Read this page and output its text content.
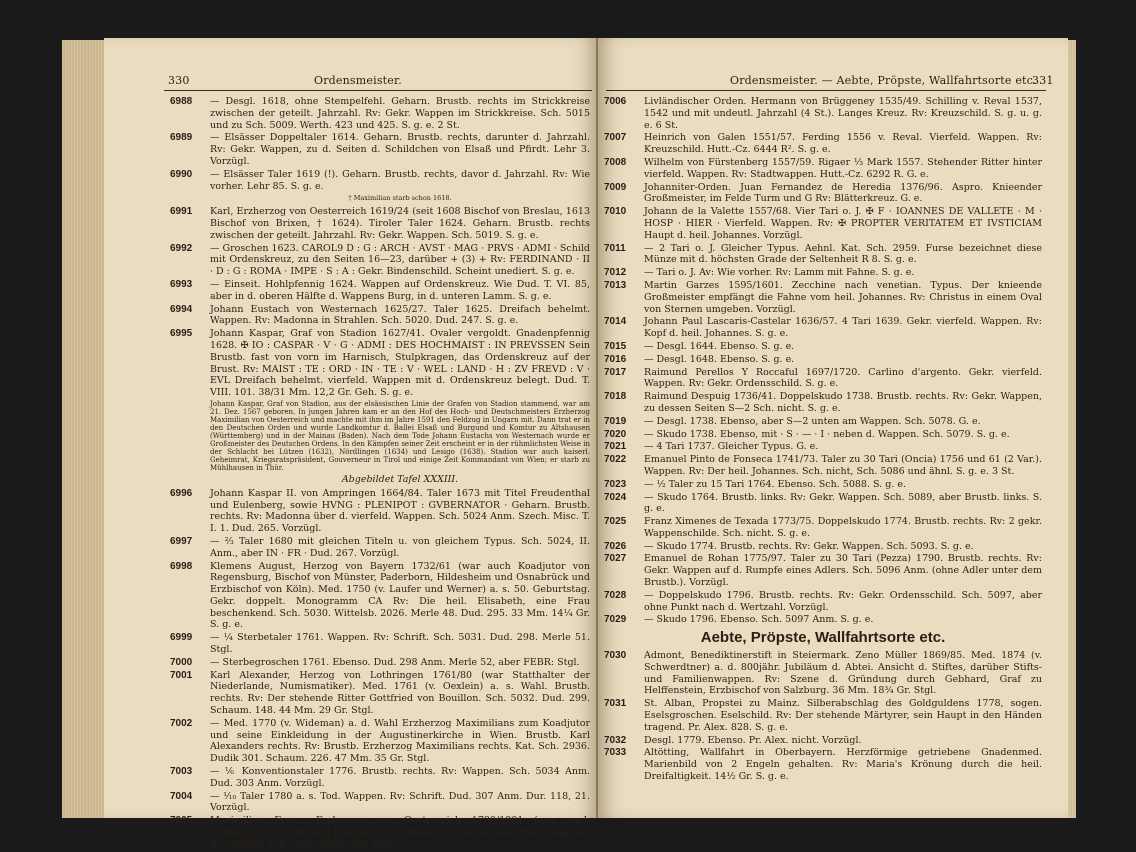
330	Ordensmeister.
6988 — Desgl. 1618, ohne Stempelfehl. Geharn. Brustb. rechts im Strickkreise zwischen der geteilt. Jahrzahl. Rv: Gekr. Wappen im Strickkreise. Sch. 5015 und zu Sch. 5009. Werth. 423 und 425. S. g. e. 2 St.
6989 — Elsässer Doppeltaler 1614. Geharn. Brustb. rechts, darunter d. Jahrzahl. Rv: Gekr. Wappen, zu d. Seiten d. Schildchen von Elsaß und Pfirdt. Lehr 3. Vorzügl.
6990 — Elsässer Taler 1619 (!). Geharn. Brustb. rechts, davor d. Jahrzahl. Rv: Wie vorher. Lehr 85. S. g. e.
† Maximilian starb schon 1618.
6991 Karl, Erzherzog von Oesterreich 1619/24 (seit 1608 Bischof von Breslau, 1613 Bischof von Brixen, † 1624). Tiroler Taler 1624. Geharn. Brustb. rechts zwischen der geteilt. Jahrzahl. Rv: Gekr. Wappen. Sch. 5019. S. g. e.
6992 — Groschen 1623. CAROL9 D : G : ARCH · AVST · MAG · PRVS · ADMI · Schild mit Ordenskreuz, zu den Seiten 16—23, darüber + (3) + Rv: FERDINAND · II · D : G : ROMA · IMPE · S : A : Gekr. Bindenschild. Scheint unediert. S. g. e.
6993 — Einseit. Hohlpfennig 1624. Wappen auf Ordenskreuz. Wie Dud. T. VI. 85, aber in d. oberen Hälfte d. Wappens Burg, in d. unteren Lamm. S. g. e.
6994 Johann Eustach von Westernach 1625/27. Taler 1625. Dreifach behelmt. Wappen. Rv: Madonna in Strahlen. Sch. 5020. Dud. 247. S. g. e.
6995 Johann Kaspar, Graf von Stadion 1627/41. Ovaler vergoldt. Gnadenpfennig 1628. ✠ IO : CASPAR · V · G · ADMI : DES HOCHMAIST : IN PREVSSEN Sein Brustb. fast von vorn im Harnisch, Stulpkragen, das Ordenskreuz auf der Brust. Rv: MAIST : TE : ORD · IN · TE : V · WEL : LAND · H : ZV FREVD : V · EVL Dreifach behelmt. vierfeld. Wappen mit d. Ordenskreuz belegt. Dud. T. VIII. 101. 38/31 Mm. 12,2 Gr. Geh. S. g. e.
Johann Kaspar, Graf von Stadion, aus der elsässischen Linie der Grafen von Stadion stammend, war am 21. Dez. 1567 geboren. In jungen Jahren kam er an den Hof des Hoch- und Deutschmeisters Erzherzog Maximilian von Oesterreich und machte mit ihm im Jahre 1591 den Feldzug in Ungarn mit. Dann trat er in den Deutschen Orden und wurde Landkomtur d. Ballei Elsaß und Burgund und Komtur zu Altshausen (Württemberg) und in der Mainau (Baden). Nach dem Tode Johann Eustachs von Westernach wurde er Großmeister des Deutschen Ordens. In den Kämpfen seiner Zeit erscheint er in der rühmlichsten Weise in der Schlacht bei Lützen (1632), Nördlingen (1634) und Lesigo (1638). Stadion war auch kaiserl. Geheimrat, Kriegsratspräsident, Gouverneur in Tirol und einige Zeit Kommandant von Wien; er starb zu Mühlhausen in Thür.
Abgebildet Tafel XXXIII.
6996 Johann Kaspar II. von Ampringen 1664/84. Taler 1673 mit Titel Freudenthal und Eulenberg, sowie HVNG : PLENIPOT : GVBERNATOR · Geharn. Brustb. rechts. Rv: Madonna über d. vierfeld. Wappen. Sch. 5024 Anm. Szech. Misc. T. I. 1. Dud. 265. Vorzügl.
6997 — ⅔ Taler 1680 mit gleichen Titeln u. von gleichem Typus. Sch. 5024, II. Anm., aber IN · FR · Dud. 267. Vorzügl.
6998 Klemens August, Herzog von Bayern 1732/61 (war auch Koadjutor von Regensburg, Bischof von Münster, Paderborn, Hildesheim und Osnabrück und Erzbischof von Köln). Med. 1750 (v. Laufer und Werner) a. s. 50. Geburtstag. Gekr. doppelt. Monogramm CA Rv: Die heil. Elisabeth, eine Frau beschenkend. Sch. 5030. Wittelsb. 2026. Merle 48. Dud. 295. 33 Mm. 14¼ Gr. S. g. e.
6999 — ¼ Sterbetaler 1761. Wappen. Rv: Schrift. Sch. 5031. Dud. 298. Merle 51. Stgl.
7000 — Sterbegroschen 1761. Ebenso. Dud. 298 Anm. Merle 52, aber FEBR: Stgl.
7001 Karl Alexander, Herzog von Lothringen 1761/80 (war Statthalter der Niederlande, Numismatiker). Med. 1761 (v. Oexlein) a. s. Wahl. Brustb. rechts. Rv: Der stehende Ritter Gottfried von Bouillon. Sch. 5032. Dud. 299. Schaum. 148. 44 Mm. 29 Gr. Stgl.
7002 — Med. 1770 (v. Wideman) a. d. Wahl Erzherzog Maximilians zum Koadjutor und seine Einkleidung in der Augustinerkirche in Wien. Brustb. Karl Alexanders rechts. Rv: Brustb. Erzherzog Maximilians rechts. Kat. Sch. 2936. Dudik 301. Schaum. 226. 47 Mm. 35 Gr. Stgl.
7003 — ⅙ Konventionstaler 1776. Brustb. rechts. Rv: Wappen. Sch. 5034 Anm. Dud. 303 Anm. Vorzügl.
7004 — ¹⁄₁₀ Taler 1780 a. s. Tod. Wappen. Rv: Schrift. Dud. 307 Anm. Dur. 118, 21. Vorzügl.
7005 Maximilian Franz, Erzherzog von Oesterreich 1780/1801 (war auch Erzbischof von Cöln und Bischof von Münster). ⅙ Sterbetaler 1801. Wappen. Rv: Schrift. Sch. 5036. Dud. 315. Stgl.
Ordensmeister. — Aebte, Pröpste, Wallfahrtsorte etc.
331
7006 Livländischer Orden. Hermann von Brüggeney 1535/49. Schilling v. Reval 1537, 1542 und mit undeutl. Jahrzahl (4 St.). Langes Kreuz. Rv: Kreuzschild. S. g. u. g. e. 6 St.
7007 Heinrich von Galen 1551/57. Ferding 1556 v. Reval. Vierfeld. Wappen. Rv: Kreuzschild. Hutt.-Cz. 6444 R². S. g. e.
7008 Wilhelm von Fürstenberg 1557/59. Rigaer ⅓ Mark 1557. Stehender Ritter hinter vierfeld. Wappen. Rv: Stadtwappen. Hutt.-Cz. 6292 R. G. e.
7009 Johanniter-Orden. Juan Fernandez de Heredia 1376/96. Aspro. Knieender Großmeister, im Felde Turm und G Rv: Blätterkreuz. G. e.
7010 Johann de la Valette 1557/68. Vier Tari o. J. ✠ F · IOANNES DE VALLETE · M · HOSP · HIER · Vierfeld. Wappen. Rv: ✠ PROPTER VERITATEM ET IVSTICIAM Haupt d. heil. Johannes. Vorzügl.
7011 — 2 Tari o. J. Gleicher Typus. Aehnl. Kat. Sch. 2959. Furse bezeichnet diese Münze mit d. höchsten Grade der Seltenheit R 8. S. g. e.
7012 — Tari o. J. Av: Wie vorher. Rv: Lamm mit Fahne. S. g. e.
7013 Martin Garzes 1595/1601. Zecchine nach venetian. Typus. Der knieende Großmeister empfängt die Fahne vom heil. Johannes. Rv: Christus in einem Oval von Sternen umgeben. Vorzügl.
7014 Johann Paul Lascaris-Castelar 1636/57. 4 Tari 1639. Gekr. vierfeld. Wappen. Rv: Kopf d. heil. Johannes. S. g. e.
7015 — Desgl. 1644. Ebenso. S. g. e.
7016 — Desgl. 1648. Ebenso. S. g. e.
7017 Raimund Perellos Y Roccaful 1697/1720. Carlino d'argento. Gekr. vierfeld. Wappen. Rv: Gekr. Ordensschild. S. g. e.
7018 Raimund Despuig 1736/41. Doppelskudo 1738. Brustb. rechts. Rv: Gekr. Wappen, zu dessen Seiten S—2 Sch. nicht. S. g. e.
7019 — Desgl. 1738. Ebenso, aber S—2 unten am Wappen. Sch. 5078. G. e.
7020 — Skudo 1738. Ebenso, mit · S · — · I · neben d. Wappen. Sch. 5079. S. g. e.
7021 — 4 Tari 1737. Gleicher Typus. G. e.
7022 Emanuel Pinto de Fonseca 1741/73. Taler zu 30 Tari (Oncia) 1756 und 61 (2 Var.). Wappen. Rv: Der heil. Johannes. Sch. nicht, Sch. 5086 und ähnl. S. g. e. 3 St.
7023 — ½ Taler zu 15 Tari 1764. Ebenso. Sch. 5088. S. g. e.
7024 — Skudo 1764. Brustb. links. Rv: Gekr. Wappen. Sch. 5089, aber Brustb. links. S. g. e.
7025 Franz Ximenes de Texada 1773/75. Doppelskudo 1774. Brustb. rechts. Rv: 2 gekr. Wappenschilde. Sch. nicht. S. g. e.
7026 — Skudo 1774. Brustb. rechts. Rv: Gekr. Wappen. Sch. 5093. S. g. e.
7027 Emanuel de Rohan 1775/97. Taler zu 30 Tari (Pezza) 1790. Brustb. rechts. Rv: Gekr. Wappen auf d. Rumpfe eines Adlers. Sch. 5096 Anm. (ohne Adler unter dem Brustb.). Vorzügl.
7028 — Doppelskudo 1796. Brustb. rechts. Rv: Gekr. Ordensschild. Sch. 5097, aber ohne Punkt nach d. Wertzahl. Vorzügl.
7029 — Skudo 1796. Ebenso. Sch. 5097 Anm. S. g. e.
Aebte, Pröpste, Wallfahrtsorte etc.
7030 Admont, Benediktinerstift in Steiermark. Zeno Müller 1869/85. Med. 1874 (v. Schwerdtner) a. d. 800jähr. Jubiläum d. Abtei. Ansicht d. Stiftes, darüber Stifts- und Familienwappen. Rv: Szene d. Gründung durch Gebhard, Graf zu Helffenstein, Erzbischof von Salzburg. 36 Mm. 18¾ Gr. Stgl.
7031 St. Alban, Propstei zu Mainz. Silberabschlag des Goldguldens 1778, sogen. Eselsgroschen. Eselschild. Rv: Der stehende Märtyrer, sein Haupt in den Händen tragend. Pr. Alex. 828. S. g. e.
7032 Desgl. 1779. Ebenso. Pr. Alex. nicht. Vorzügl.
7033 Altötting, Wallfahrt in Oberbayern. Herzförmige getriebene Gnadenmed. Marienbild von 2 Engeln gehalten. Rv: Maria's Krönung durch die heil. Dreifaltigkeit. 14½ Gr. S. g. e.
